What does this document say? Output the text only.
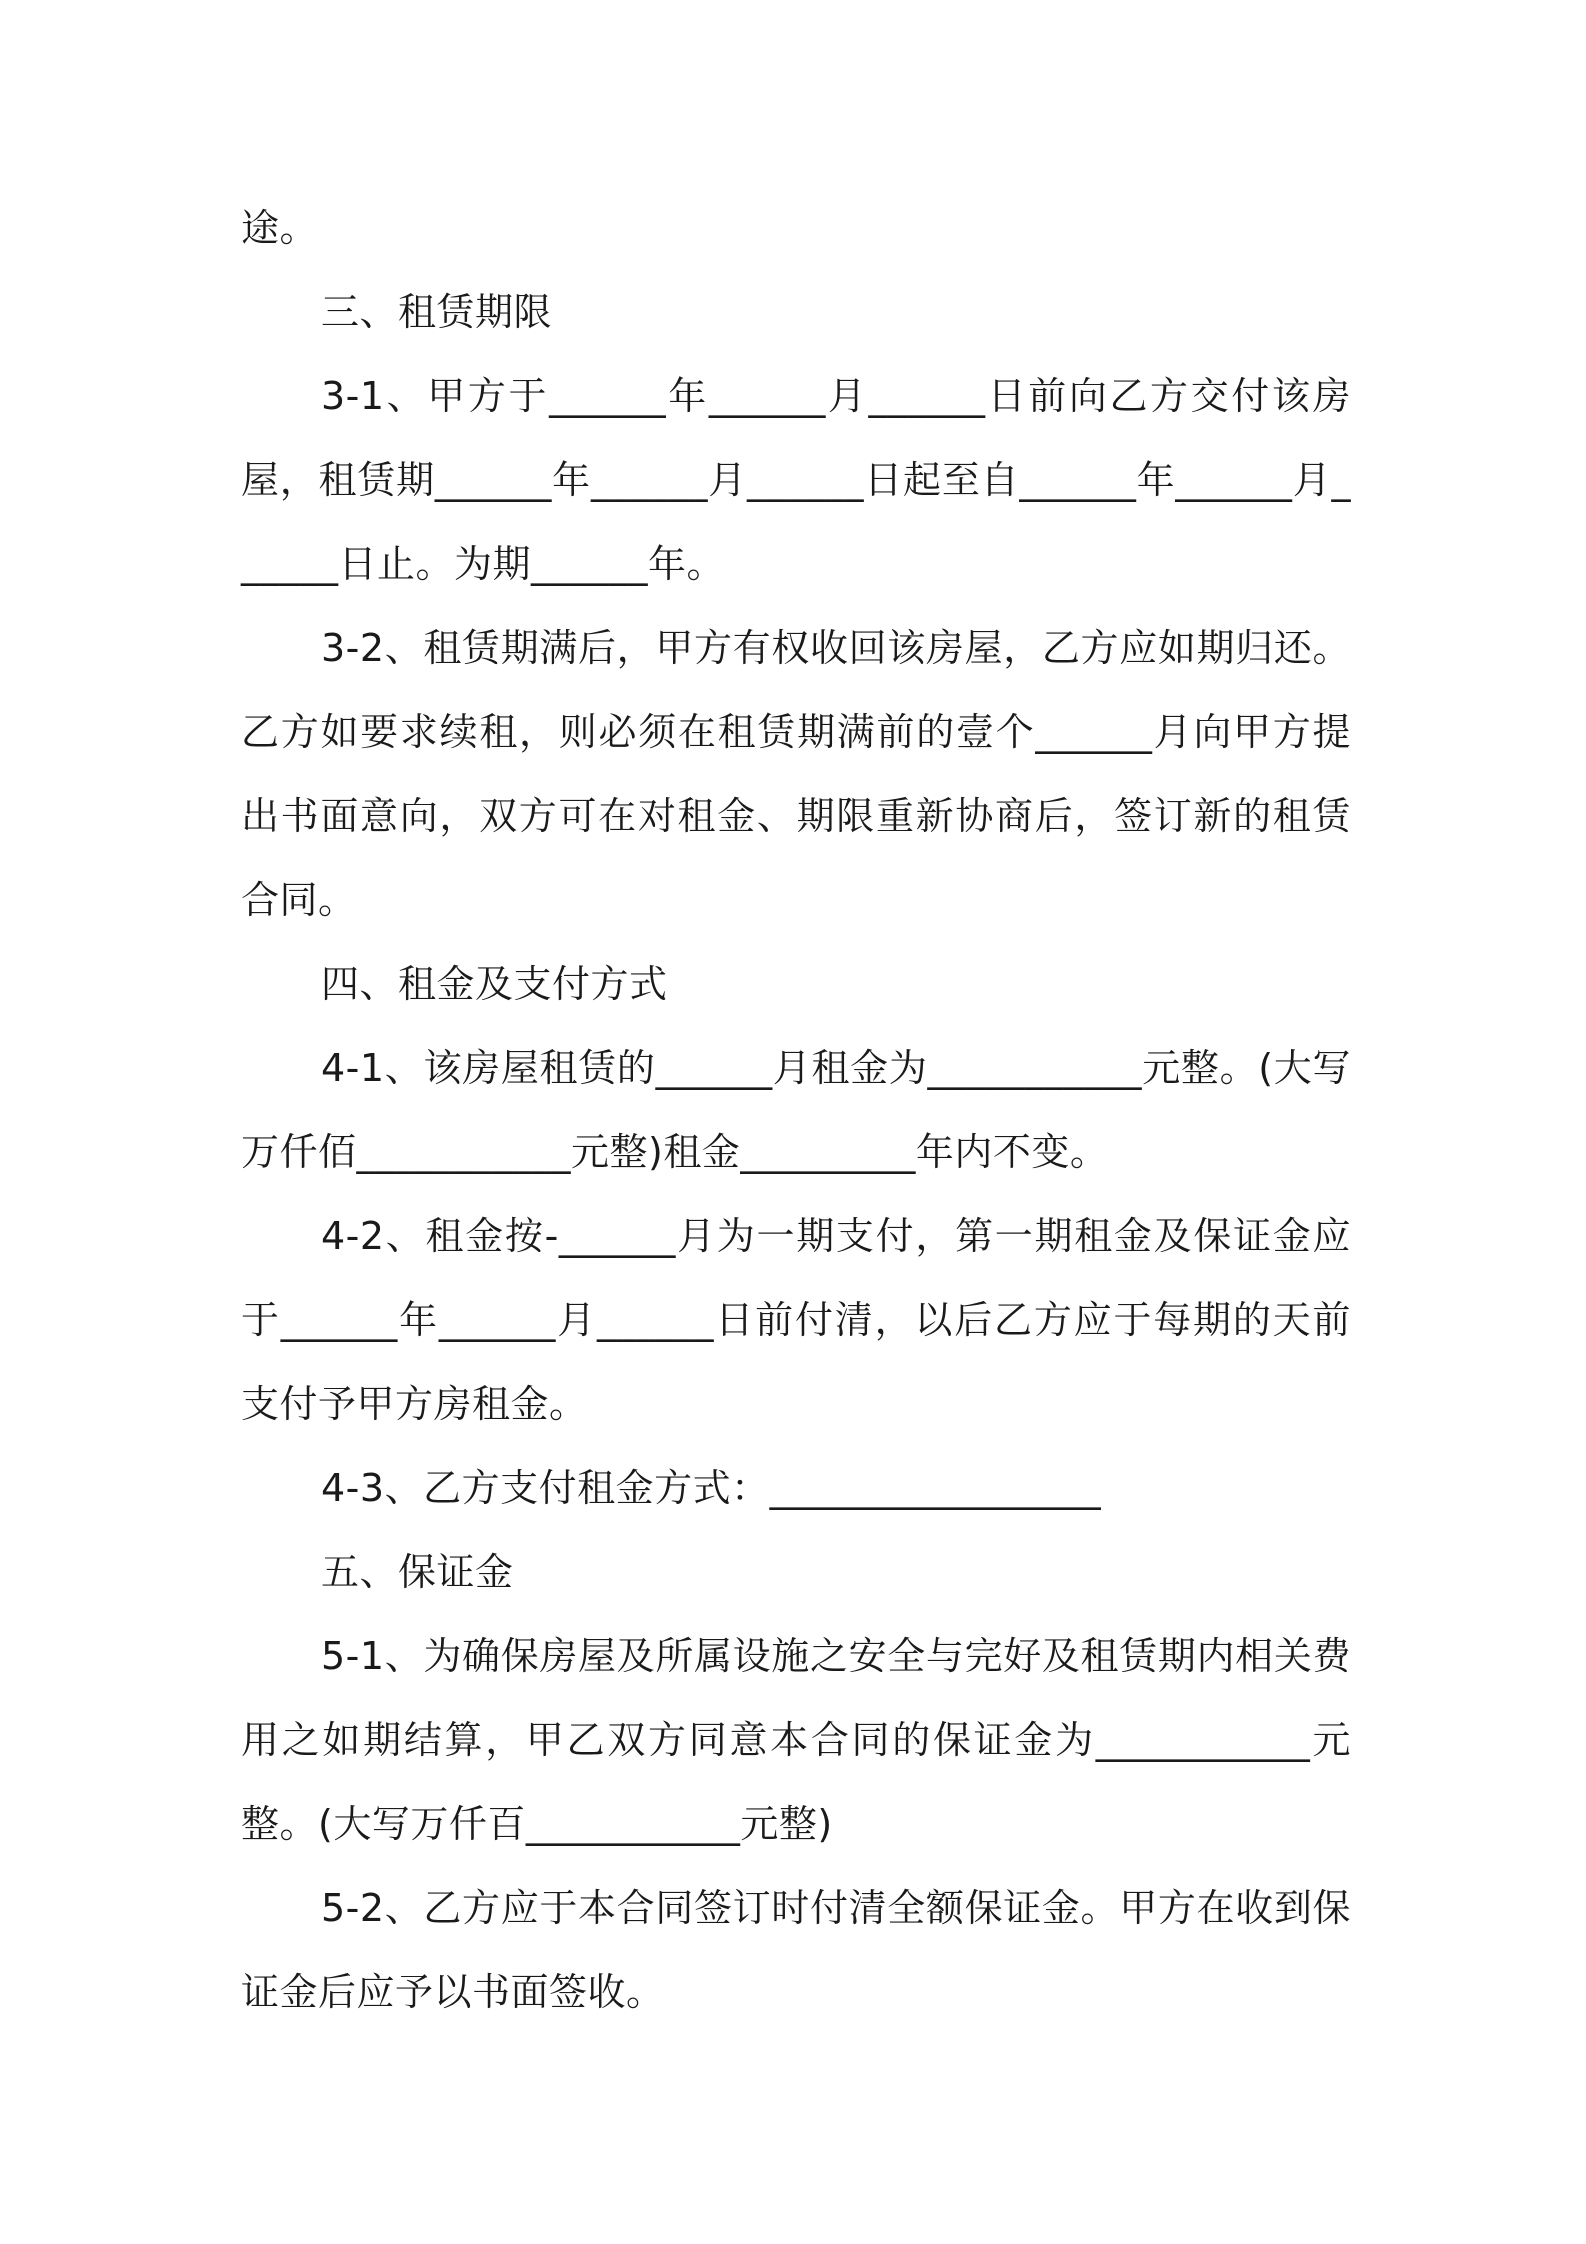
途。

三、租赁期限

3-1、甲方于______年______月______日前向乙方交付该房屋，租赁期______年______月______日起至自______年______月______日止。为期______年。

3-2、租赁期满后，甲方有权收回该房屋，乙方应如期归还。乙方如要求续租，则必须在租赁期满前的壹个______月向甲方提出书面意向，双方可在对租金、期限重新协商后，签订新的租赁合同。

四、租金及支付方式

4-1、该房屋租赁的______月租金为___________元整。(大写万仟佰___________元整)租金_________年内不变。

4-2、租金按-______月为一期支付，第一期租金及保证金应于______年______月______日前付清，以后乙方应于每期的天前支付予甲方房租金。

4-3、乙方支付租金方式：_________________

五、保证金

5-1、为确保房屋及所属设施之安全与完好及租赁期内相关费用之如期结算，甲乙双方同意本合同的保证金为___________元整。(大写万仟百___________元整)

5-2、乙方应于本合同签订时付清全额保证金。甲方在收到保证金后应予以书面签收。
